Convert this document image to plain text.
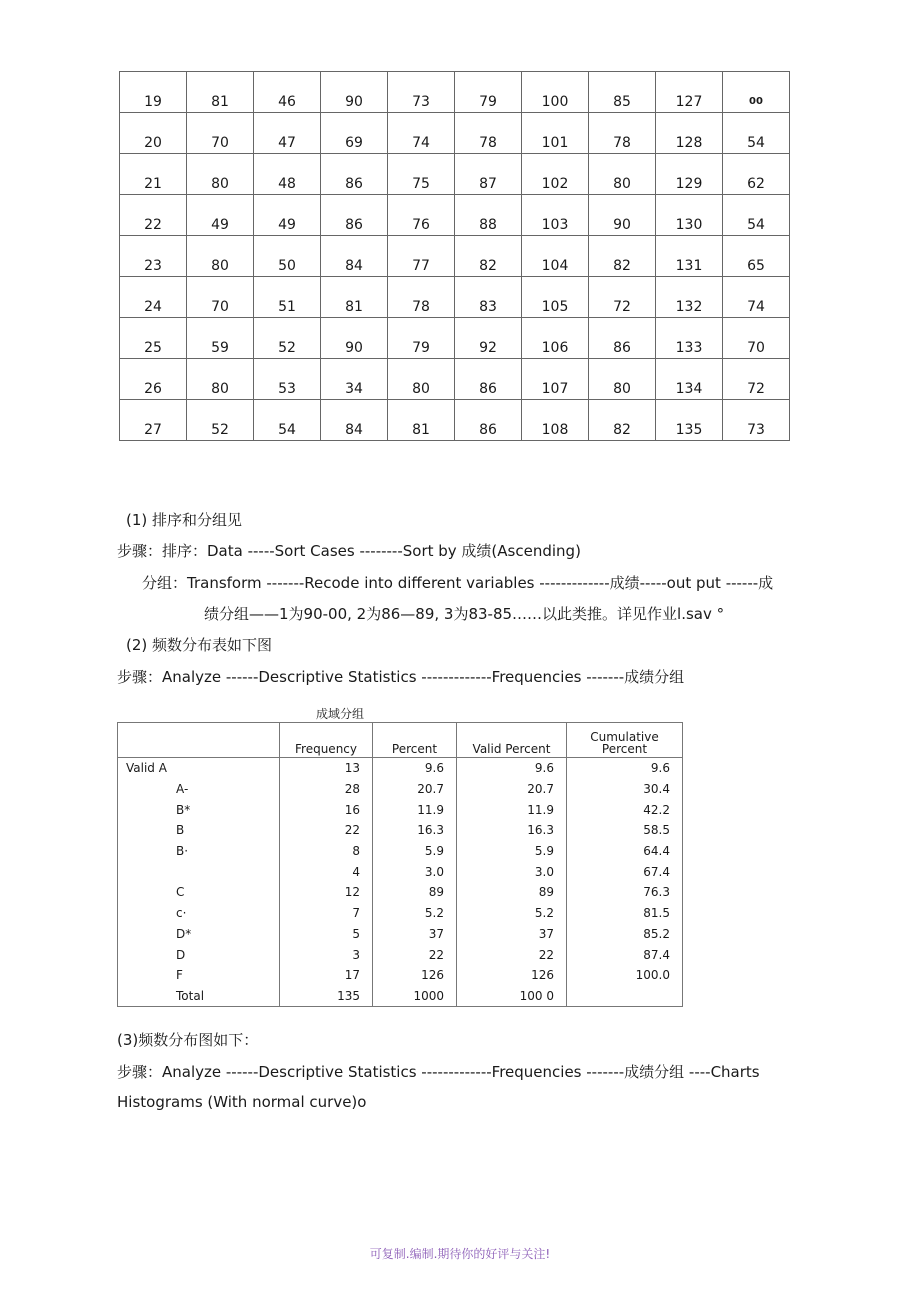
19	81	46	90	73	79	100	85	127	00
20	70	47	69	74	78	101	78	128	54
21	80	48	86	75	87	102	80	129	62
22	49	49	86	76	88	103	90	130	54
23	80	50	84	77	82	104	82	131	65
24	70	51	81	78	83	105	72	132	74
25	59	52	90	79	92	106	86	133	70
26	80	53	34	80	86	107	80	134	72
27	52	54	84	81	86	108	82	135	73
(1) 排序和分组见
步骤：排序：Data -----Sort Cases --------Sort by 成绩(Ascending)
分组：Transform -------Recode into different variables -------------成绩-----out put ------成
绩分组——1为90-00, 2为86—89, 3为83-85……以此类推。详见作业l.sav °
(2) 频数分布表如下图
步骤：Analyze ------Descriptive Statistics -------------Frequencies -------成绩分组
成域分组
	Frequency	Percent	Valid Percent	Cumulative Percent
Valid A	13	9.6	9.6	9.6
A-	28	20.7	20.7	30.4
B*	16	11.9	11.9	42.2
B	22	16.3	16.3	58.5
B·	8	5.9	5.9	64.4
	4	3.0	3.0	67.4
C	12	89	89	76.3
c·	7	5.2	5.2	81.5
D*	5	37	37	85.2
D	3	22	22	87.4
F	17	126	126	100.0
Total	135	1000	100 0	
(3)频数分布图如下：
步骤：Analyze ------Descriptive Statistics -------------Frequencies -------成绩分组 ----Charts
Histograms (With normal curve)o
可复制.编制.期待你的好评与关注!
